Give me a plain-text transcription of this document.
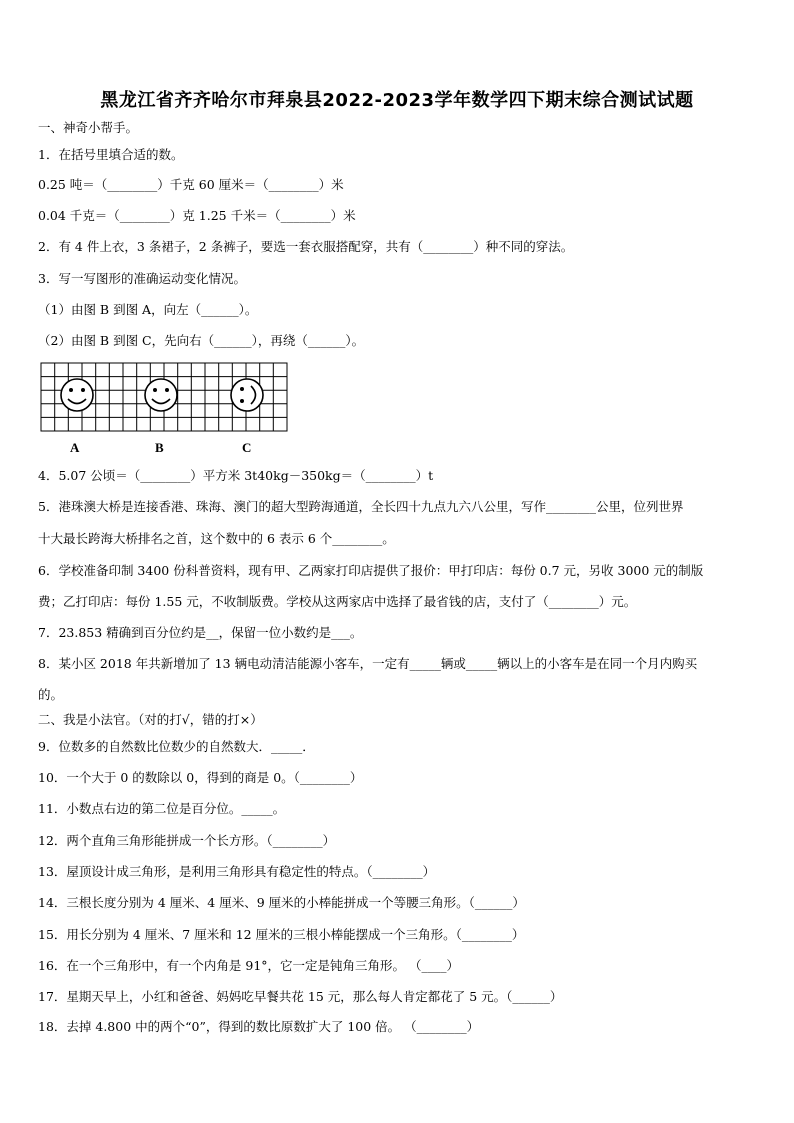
黑龙江省齐齐哈尔市拜泉县2022-2023学年数学四下期末综合测试试题
一、神奇小帮手。
1．在括号里填合适的数。
0.25 吨＝（________）千克 60 厘米＝（________）米
0.04 千克＝（________）克 1.25 千米＝（________）米
2．有 4 件上衣，3 条裙子，2 条裤子，要选一套衣服搭配穿，共有（________）种不同的穿法。
3．写一写图形的准确运动变化情况。
（1）由图 B 到图 A，向左（______）。
（2）由图 B 到图 C，先向右（______），再绕（______）。
A	B	C
4．5.07 公顷＝（________）平方米 3t40kg－350kg＝（________）t
5．港珠澳大桥是连接香港、珠海、澳门的超大型跨海通道，全长四十九点九六八公里，写作________公里，位列世界
十大最长跨海大桥排名之首，这个数中的 6 表示 6 个________。
6．学校准备印制 3400 份科普资料，现有甲、乙两家打印店提供了报价：甲打印店：每份 0.7 元，另收 3000 元的制版
费；乙打印店：每份 1.55 元，不收制版费。学校从这两家店中选择了最省钱的店，支付了（________）元。
7．23.853 精确到百分位约是__，保留一位小数约是___。
8．某小区 2018 年共新增加了 13 辆电动清洁能源小客车，一定有_____辆或_____辆以上的小客车是在同一个月内购买
的。
二、我是小法官。（对的打√，错的打×）
9．位数多的自然数比位数少的自然数大．_____．
10．一个大于 0 的数除以 0，得到的商是 0。（________）
11．小数点右边的第二位是百分位。_____。
12．两个直角三角形能拼成一个长方形。（________）
13．屋顶设计成三角形，是利用三角形具有稳定性的特点。（________）
14．三根长度分别为 4 厘米、4 厘米、9 厘米的小棒能拼成一个等腰三角形。（______）
15．用长分别为 4 厘米、7 厘米和 12 厘米的三根小棒能摆成一个三角形。（________）
16．在一个三角形中，有一个内角是 91°，它一定是钝角三角形。 （____）
17．星期天早上，小红和爸爸、妈妈吃早餐共花 15 元，那么每人肯定都花了 5 元。（______）
18．去掉 4.800 中的两个“0”，得到的数比原数扩大了 100 倍。 （________）
